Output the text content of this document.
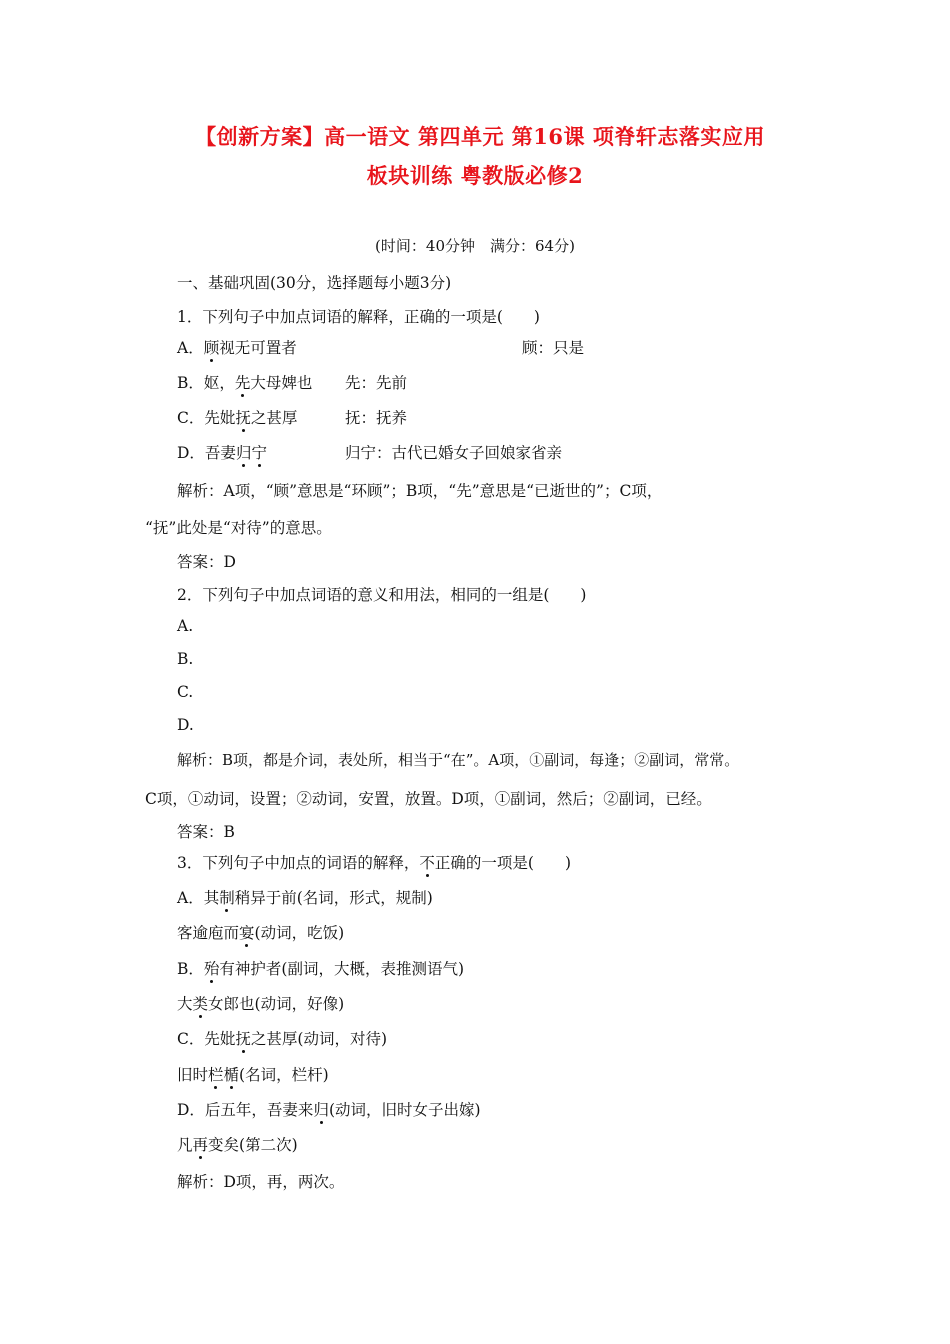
【创新方案】高一语文 第四单元 第16课 项脊轩志落实应用
板块训练 粤教版必修2
(时间：40分钟　满分：64分)
一、基础巩固(30分，选择题每小题3分)
1．下列句子中加点词语的解释，正确的一项是(　　)
A．顾视无可置者	顾：只是
B．妪，先大母婢也 先：先前
C．先妣抚之甚厚	抚：抚养
D．吾妻归宁	归宁：古代已婚女子回娘家省亲
解析：A项，“顾”意思是“环顾”；B项，“先”意思是“已逝世的”；C项，
“抚”此处是“对待”的意思。
答案：D
2．下列句子中加点词语的意义和用法，相同的一组是(　　)
A.
B.
C.
D.
解析：B项，都是介词，表处所，相当于“在”。A项，①副词，每逢；②副词，常常。
C项，①动词，设置；②动词，安置，放置。D项，①副词，然后；②副词，已经。
答案：B
3．下列句子中加点的词语的解释，不正确的一项是(　　)
A．其制稍异于前(名词，形式，规制)
客逾庖而宴(动词，吃饭)
B．殆有神护者(副词，大概，表推测语气)
大类女郎也(动词，好像)
C．先妣抚之甚厚(动词，对待)
旧时栏楯(名词，栏杆)
D．后五年，吾妻来归(动词，旧时女子出嫁)
凡再变矣(第二次)
解析：D项，再，两次。
